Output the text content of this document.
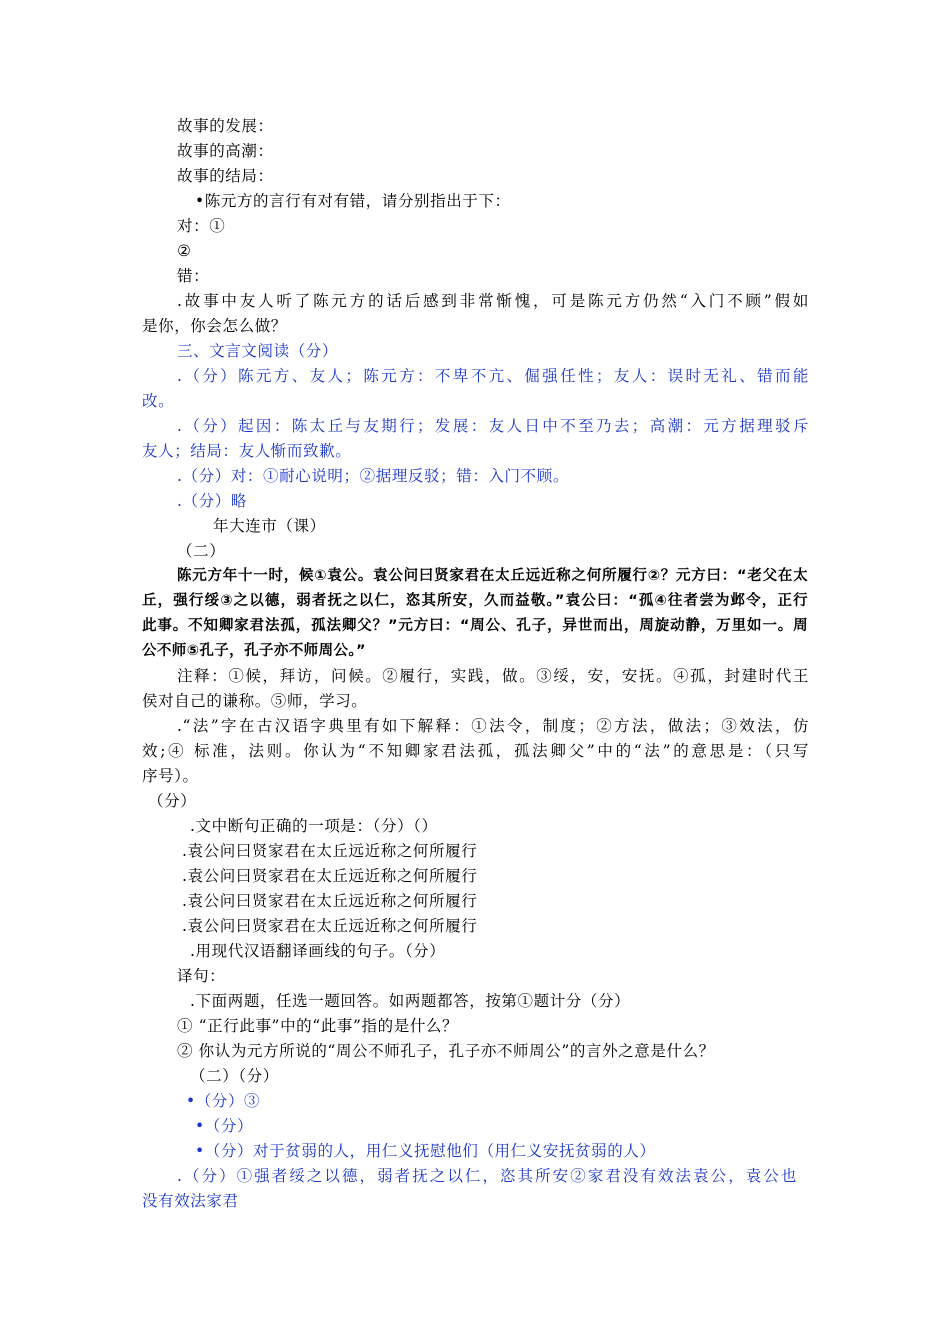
故事的发展：
故事的高潮：
故事的结局：
•陈元方的言行有对有错，请分别指出于下：
对：①
②
错：
.故事中友人听了陈元方的话后感到非常惭愧，可是陈元方仍然“入门不顾”假如
是你，你会怎么做？
三、文言文阅读（分）
.（分）陈元方、友人；陈元方：不卑不亢、倔强任性；友人：误时无礼、错而能
改。
.（分）起因：陈太丘与友期行；发展：友人日中不至乃去；高潮：元方据理驳斥
友人；结局：友人惭而致歉。
.（分）对：①耐心说明；②据理反驳；错：入门不顾。
.（分）略
年大连市（课）
（二）
陈元方年十一时，候①袁公。袁公问曰贤家君在太丘远近称之何所履行②？元方曰：“老父在太
丘，强行绥③之以德，弱者抚之以仁，恣其所安，久而益敬。”袁公曰：“孤④往者尝为邺令，正行
此事。不知卿家君法孤，孤法卿父？”元方曰：“周公、孔子，异世而出，周旋动静，万里如一。周
公不师⑤孔子，孔子亦不师周公。”
注释：①候，拜访，问候。②履行，实践，做。③绥，安，安抚。④孤，封建时代王
侯对自己的谦称。⑤师，学习。
.“法”字在古汉语字典里有如下解释：①法令，制度；②方法，做法；③效法，仿
效;④ 标准，法则。你认为“不知卿家君法孤，孤法卿父”中的“法”的意思是：（只写
序号）。
（分）
.文中断句正确的一项是：（分）（）
.袁公问曰贤家君在太丘远近称之何所履行
.袁公问曰贤家君在太丘远近称之何所履行
.袁公问曰贤家君在太丘远近称之何所履行
.袁公问曰贤家君在太丘远近称之何所履行
.用现代汉语翻译画线的句子。（分）
译句：
.下面两题，任选一题回答。如两题都答，按第①题计分（分）
① “正行此事”中的“此事”指的是什么？
② 你认为元方所说的“周公不师孔子，孔子亦不师周公”的言外之意是什么？
（二）（分）
•（分）③
•（分）
•（分）对于贫弱的人，用仁义抚慰他们（用仁义安抚贫弱的人）
.（分）①强者绥之以德，弱者抚之以仁，恣其所安②家君没有效法袁公，袁公也
没有效法家君
